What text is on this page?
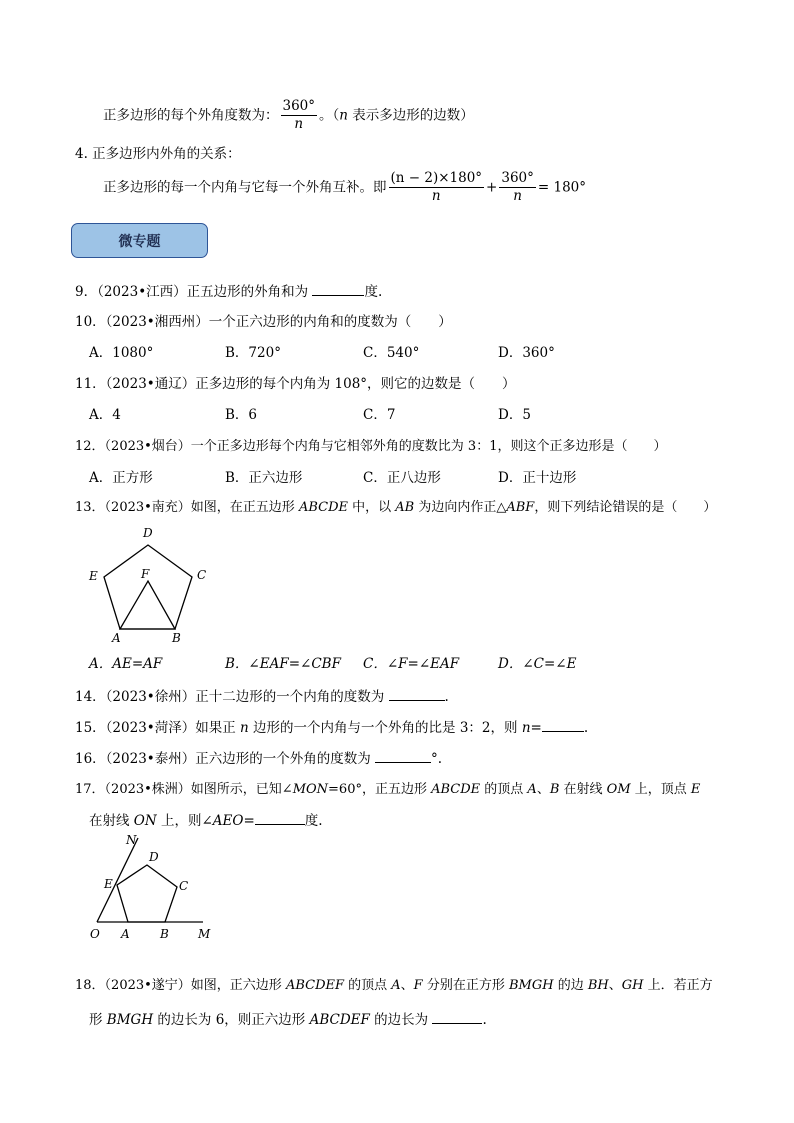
正多边形的每个外角度数为： $\frac{360^\circ}{n}$ 。（n 表示多边形的边数）
4. 正多边形内外角的关系：
正多边形的每一个内角与它每一个外角互补。即 $\frac{(n - 2)\times 180^\circ}{n} + \frac{360^\circ}{n} = 180^\circ$
微专题
9．（2023•江西）正五边形的外角和为	度.
10．（2023•湘西州）一个正六边形的内角和的度数为（　　）
A．1080°	B．720°	C．540°	D．360°
11．（2023•通辽）正多边形的每个内角为 108°，则它的边数是（　　）
A．4	B．6	C．7	D．5
12．（2023•烟台）一个正多边形每个内角与它相邻外角的度数比为 3：1，则这个正多边形是（　　）
A．正方形	B．正六边形	C．正八边形	D．正十边形
13．（2023•南充）如图，在正五边形 ABCDE 中，以 AB 为边向内作正△ABF，则下列结论错误的是（　　）
D
E	F	C
A	B
A．AE=AF	B．∠EAF=∠CBF C．∠F=∠EAF	D．∠C=∠E
14．（2023•徐州）正十二边形的一个内角的度数为	.
15．（2023•菏泽）如果正 n 边形的一个内角与一个外角的比是 3：2，则 n=	.
16．（2023•泰州）正六边形的一个外角的度数为	°.
17．（2023•株洲）如图所示，已知∠MON=60°，正五边形 ABCDE 的顶点 A、B 在射线 OM 上，顶点 E
在射线 ON 上，则∠AEO=	度.
N
D
E	C
O A	B M
18．（2023•遂宁）如图，正六边形 ABCDEF 的顶点 A、F 分别在正方形 BMGH 的边 BH、GH 上．若正方
形 BMGH 的边长为 6，则正六边形 ABCDEF 的边长为	.
